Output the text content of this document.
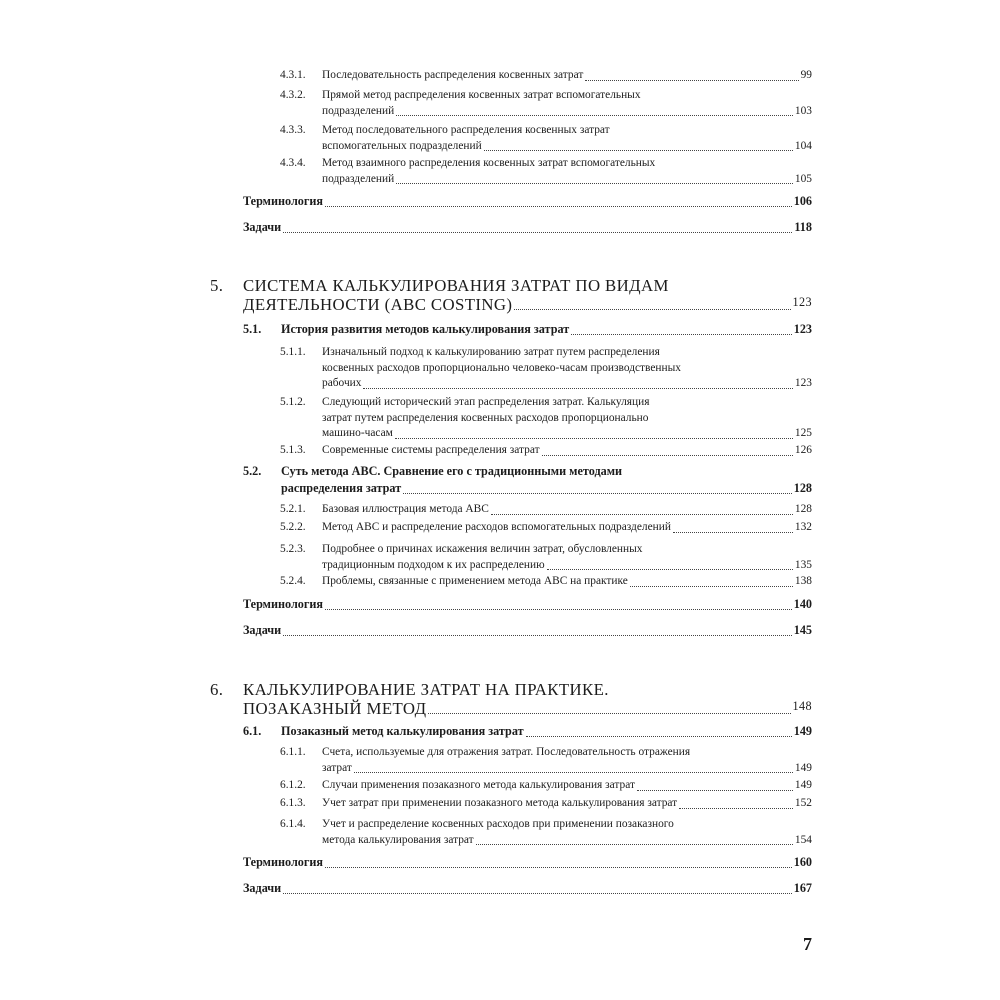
4.3.1. Последовательность распределения косвенных затрат	99
4.3.2. Прямой метод распределения косвенных затрат вспомогательных
подразделений	103
4.3.3. Метод последовательного распределения косвенных затрат
вспомогательных подразделений	104
4.3.4. Метод взаимного распределения косвенных затрат вспомогательных
подразделений	105
Терминология	106
Задачи	118
5. СИСТЕМА КАЛЬКУЛИРОВАНИЯ ЗАТРАТ ПО ВИДАМ
ДЕЯТЕЛЬНОСТИ (ABC COSTING)	123
5.1. История развития методов калькулирования затрат	123
5.1.1. Изначальный подход к калькулированию затрат путем распределения
косвенных расходов пропорционально человеко-часам производственных
рабочих	123
5.1.2. Следующий исторический этап распределения затрат. Калькуляция
затрат путем распределения косвенных расходов пропорционально
машино-часам	125
5.1.3. Современные системы распределения затрат	126
5.2. Суть метода АВС. Сравнение его с традиционными методами
распределения затрат	128
5.2.1. Базовая иллюстрация метода АВС	128
5.2.2. Метод АВС и распределение расходов вспомогательных подразделений	132
5.2.3. Подробнее о причинах искажения величин затрат, обусловленных
традиционным подходом к их распределению	135
5.2.4. Проблемы, связанные с применением метода АВС на практике	138
Терминология	140
Задачи	145
6. КАЛЬКУЛИРОВАНИЕ ЗАТРАТ НА ПРАКТИКЕ.
ПОЗАКАЗНЫЙ МЕТОД	148
6.1. Позаказный метод калькулирования затрат	149
6.1.1. Счета, используемые для отражения затрат. Последовательность отражения
затрат	149
6.1.2. Случаи применения позаказного метода калькулирования затрат	149
6.1.3. Учет затрат при применении позаказного метода калькулирования затрат	152
6.1.4. Учет и распределение косвенных расходов при применении позаказного
метода калькулирования затрат	154
Терминология	160
Задачи	167
7
